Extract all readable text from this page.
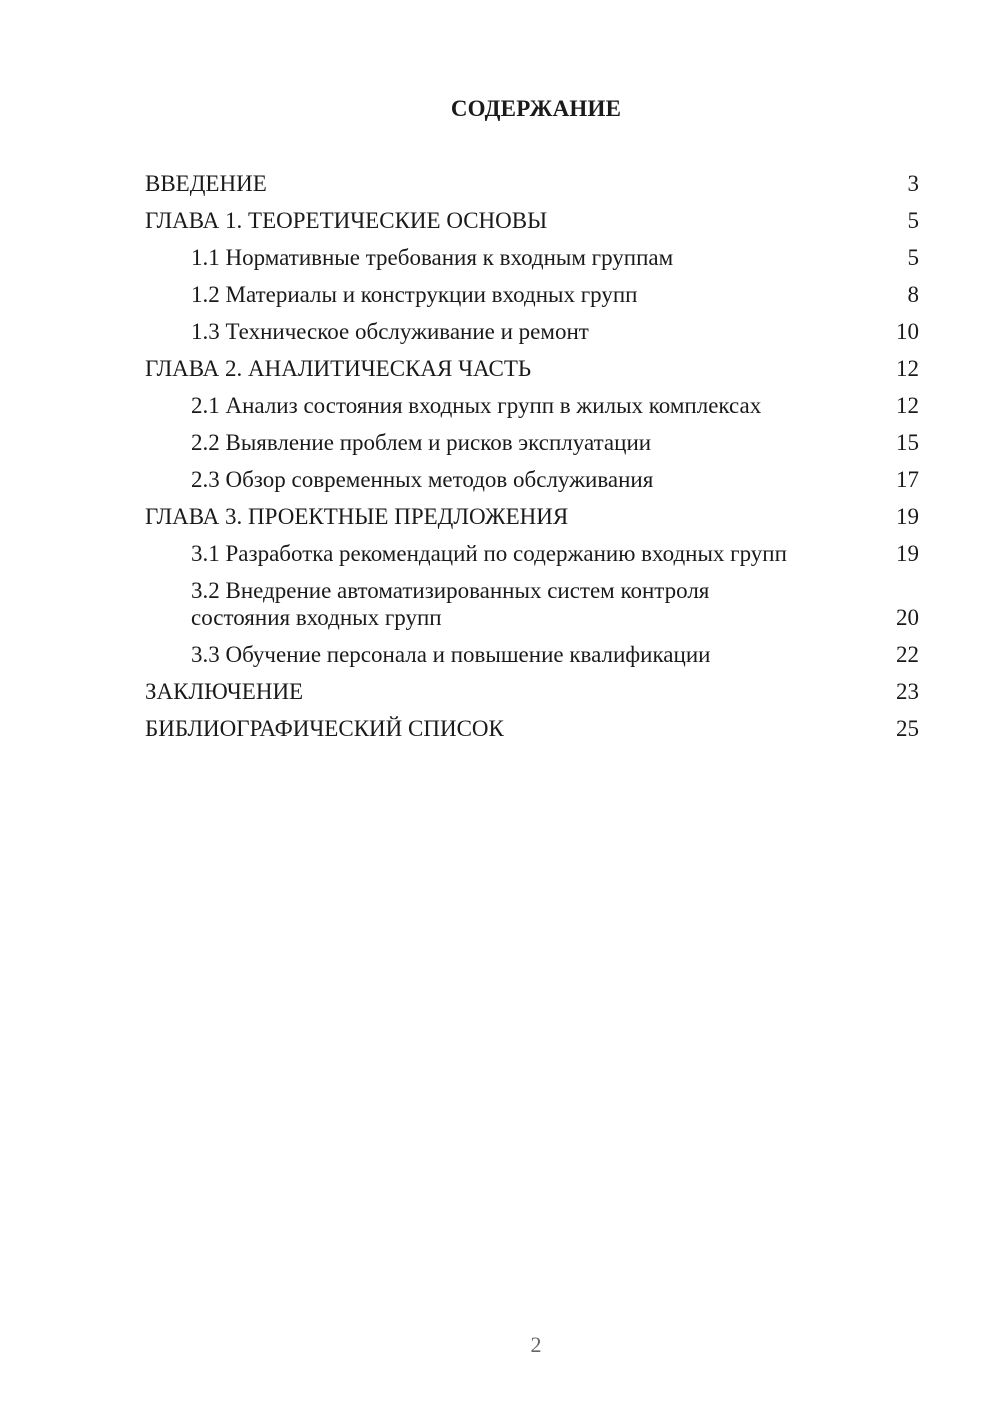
СОДЕРЖАНИЕ
ВВЕДЕНИЕ	3
ГЛАВА 1. ТЕОРЕТИЧЕСКИЕ ОСНОВЫ	5
1.1 Нормативные требования к входным группам	5
1.2 Материалы и конструкции входных групп	8
1.3 Техническое обслуживание и ремонт	10
ГЛАВА 2. АНАЛИТИЧЕСКАЯ ЧАСТЬ	12
2.1 Анализ состояния входных групп в жилых комплексах	12
2.2 Выявление проблем и рисков эксплуатации	15
2.3 Обзор современных методов обслуживания	17
ГЛАВА 3. ПРОЕКТНЫЕ ПРЕДЛОЖЕНИЯ	19
3.1 Разработка рекомендаций по содержанию входных групп	19
3.2 Внедрение автоматизированных систем контроля состояния входных групп	20
3.3 Обучение персонала и повышение квалификации	22
ЗАКЛЮЧЕНИЕ	23
БИБЛИОГРАФИЧЕСКИЙ СПИСОК	25
2
